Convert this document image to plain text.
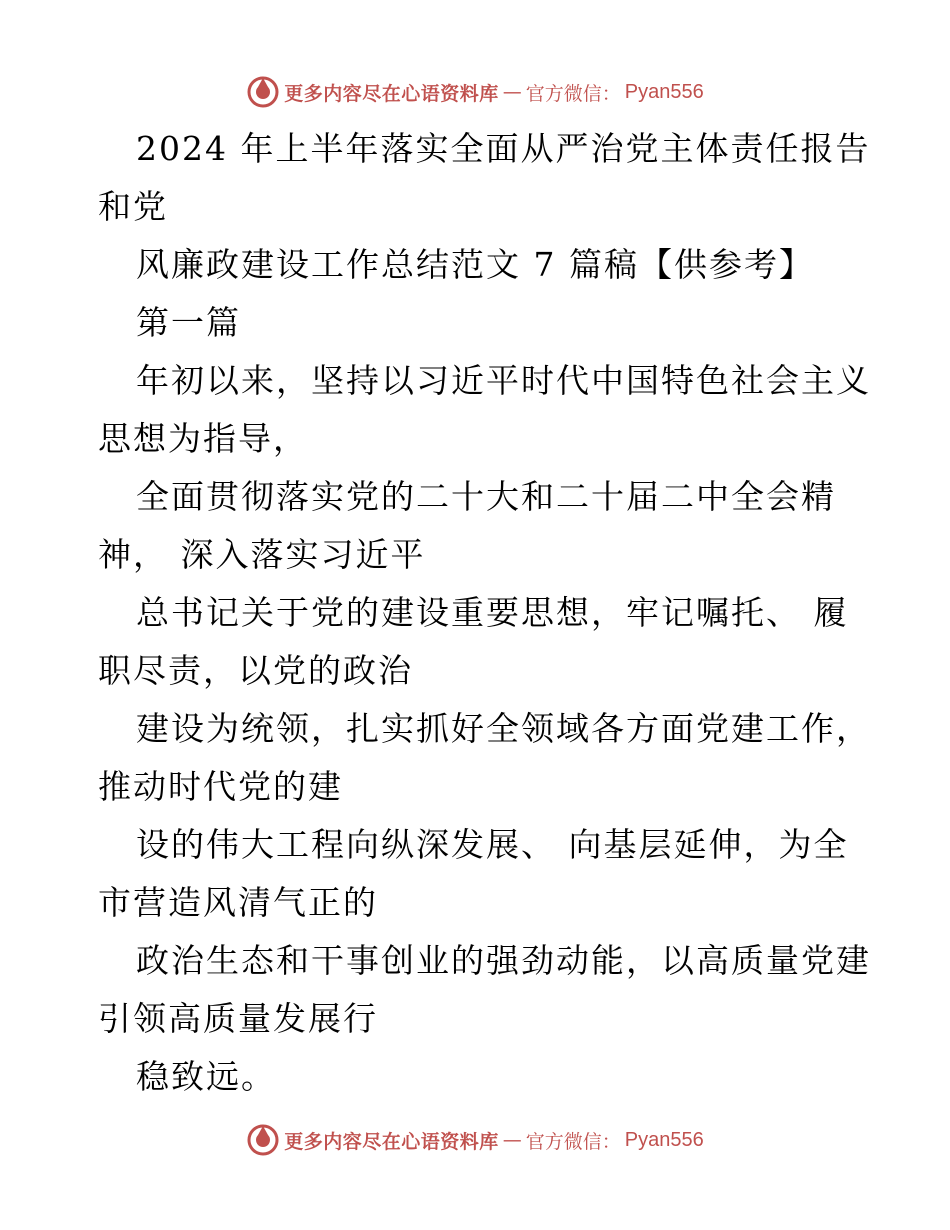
更多内容尽在心语资料库 — 官方微信： Pyan556
2024 年上半年落实全面从严治党主体责任报告
和党
风廉政建设工作总结范文 7 篇稿【供参考】
第一篇
年初以来，坚持以习近平时代中国特色社会主义
思想为指导，
全面贯彻落实党的二十大和二十届二中全会精
神， 深入落实习近平
总书记关于党的建设重要思想，牢记嘱托、 履
职尽责，以党的政治
建设为统领，扎实抓好全领域各方面党建工作，
推动时代党的建
设的伟大工程向纵深发展、 向基层延伸，为全
市营造风清气正的
政治生态和干事创业的强劲动能，以高质量党建
引领高质量发展行
稳致远。
更多内容尽在心语资料库 — 官方微信： Pyan556
